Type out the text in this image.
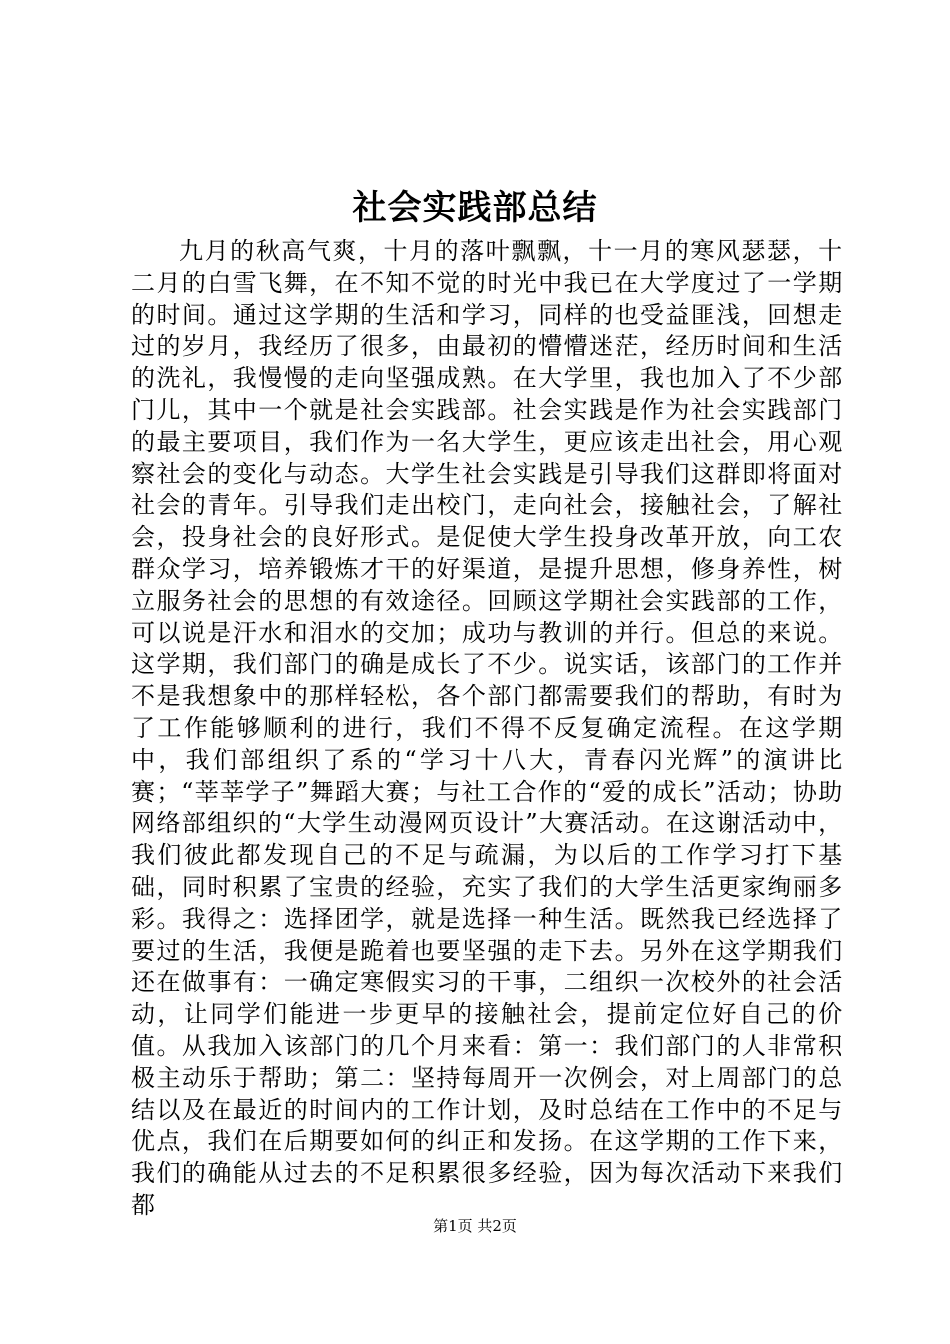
社会实践部总结

九月的秋高气爽，十月的落叶飘飘，十一月的寒风瑟瑟，十二月的白雪飞舞，在不知不觉的时光中我已在大学度过了一学期的时间。通过这学期的生活和学习，同样的也受益匪浅，回想走过的岁月，我经历了很多，由最初的懵懵迷茫，经历时间和生活的洗礼，我慢慢的走向坚强成熟。在大学里，我也加入了不少部门儿，其中一个就是社会实践部。社会实践是作为社会实践部门的最主要项目，我们作为一名大学生，更应该走出社会，用心观察社会的变化与动态。大学生社会实践是引导我们这群即将面对社会的青年。引导我们走出校门，走向社会，接触社会，了解社会，投身社会的良好形式。是促使大学生投身改革开放，向工农群众学习，培养锻炼才干的好渠道，是提升思想，修身养性，树立服务社会的思想的有效途径。回顾这学期社会实践部的工作，可以说是汗水和泪水的交加；成功与教训的并行。但总的来说。这学期，我们部门的确是成长了不少。说实话，该部门的工作并不是我想象中的那样轻松，各个部门都需要我们的帮助，有时为了工作能够顺利的进行，我们不得不反复确定流程。在这学期中，我们部组织了系的“学习十八大，青春闪光辉”的演讲比赛；“莘莘学子”舞蹈大赛；与社工合作的“爱的成长”活动；协助网络部组织的“大学生动漫网页设计”大赛活动。在这谢活动中，我们彼此都发现自己的不足与疏漏，为以后的工作学习打下基础，同时积累了宝贵的经验，充实了我们的大学生活更家绚丽多彩。我得之：选择团学，就是选择一种生活。既然我已经选择了要过的生活，我便是跪着也要坚强的走下去。另外在这学期我们还在做事有：一确定寒假实习的干事，二组织一次校外的社会活动，让同学们能进一步更早的接触社会，提前定位好自己的价值。从我加入该部门的几个月来看：第一：我们部门的人非常积极主动乐于帮助；第二：坚持每周开一次例会，对上周部门的总结以及在最近的时间内的工作计划，及时总结在工作中的不足与优点，我们在后期要如何的纠正和发扬。在这学期的工作下来，我们的确能从过去的不足积累很多经验，因为每次活动下来我们都

第1页 共2页
